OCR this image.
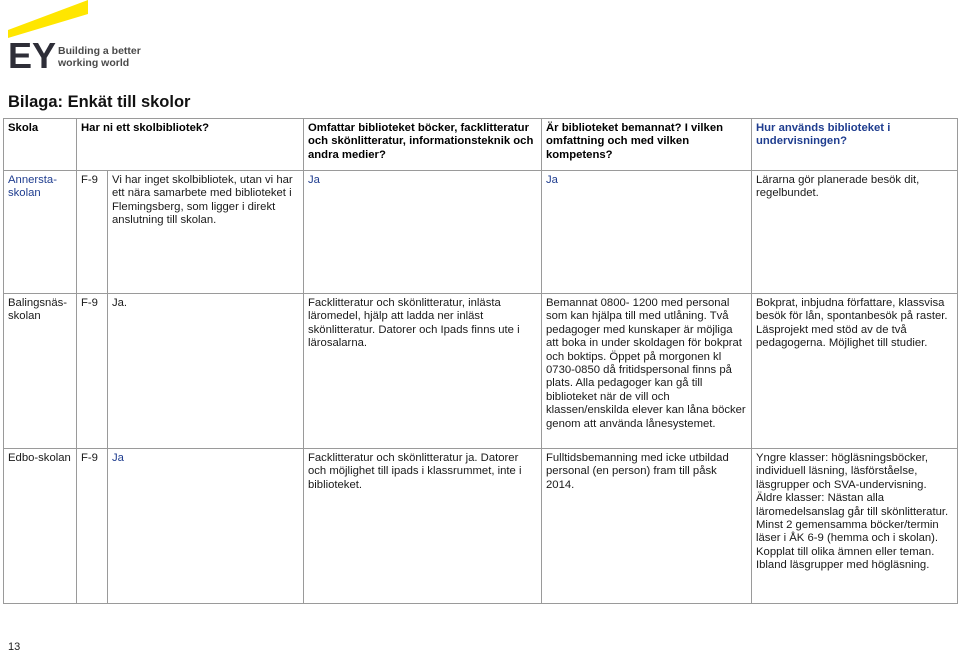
EY Building a better
working world
Bilaga: Enkät till skolor
Skola	Har ni ett skolbibliotek?		Omfattar biblioteket böcker, facklitteratur och skönlitteratur, informationsteknik och andra medier?	Är biblioteket bemannat? I vilken omfattning och med vilken kompetens?	Hur används biblioteket i undervisningen?
Annersta-skolan	F-9	Vi har inget skolbibliotek, utan vi har ett nära samarbete med biblioteket i Flemingsberg, som ligger i direkt anslutning till skolan.	Ja	Ja	Lärarna gör planerade besök dit, regelbundet.
Balingsnäs-skolan	F-9	Ja.	Facklitteratur och skönlitteratur, inlästa läromedel, hjälp att ladda ner inläst skönlitteratur. Datorer och Ipads finns ute i lärosalarna.	Bemannat 0800- 1200 med personal som kan hjälpa till med utlåning. Två pedagoger med kunskaper är möjliga att boka in under skoldagen för bokprat och boktips. Öppet på morgonen kl 0730-0850 då fritidspersonal finns på plats. Alla pedagoger kan gå till biblioteket när de vill och klassen/enskilda elever kan låna böcker genom att använda lånesystemet.	Bokprat, inbjudna författare, klassvisa besök för lån, spontanbesök på raster. Läsprojekt med stöd av de två pedagogerna. Möjlighet till studier.
Edbo-skolan	F-9	Ja	Facklitteratur och skönlitteratur ja. Datorer och möjlighet till ipads i klassrummet, inte i biblioteket.	Fulltidsbemanning med icke utbildad personal (en person) fram till påsk 2014.	Yngre klasser: högläsningsböcker, individuell läsning, läsförståelse, läsgrupper och SVA-undervisning. Äldre klasser: Nästan alla läromedelsanslag går till skönlitteratur. Minst 2 gemensamma böcker/termin läser i ÅK 6-9 (hemma och i skolan). Kopplat till olika ämnen eller teman. Ibland läsgrupper med högläsning.
13
